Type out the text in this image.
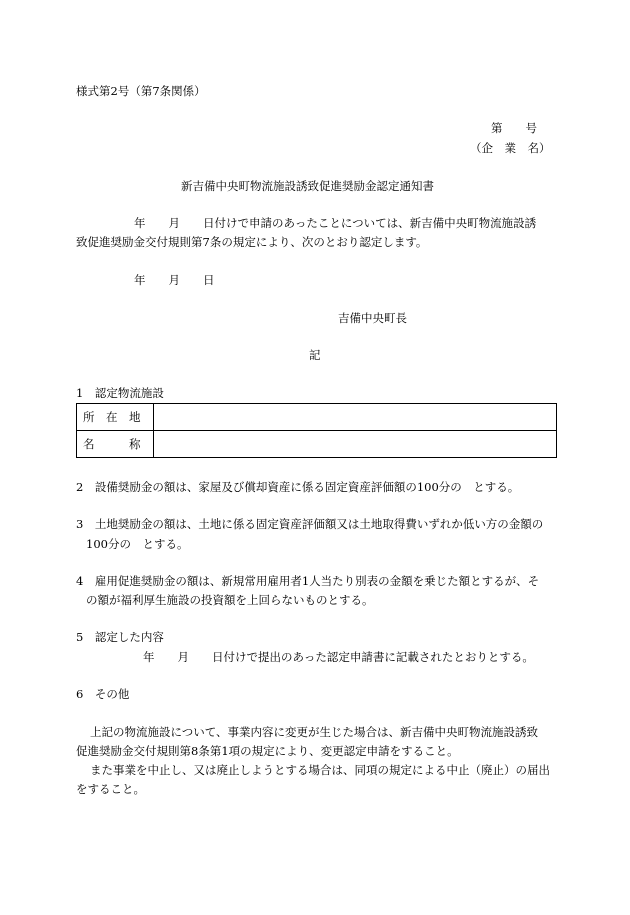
様式第2号（第7条関係）
第　　号
（企　業　名）
新吉備中央町物流施設誘致促進奨励金認定通知書
年　　月　　日付けで申請のあったことについては、新吉備中央町物流施設誘
致促進奨励金交付規則第7条の規定により、次のとおり認定します。
年　　月　　日
吉備中央町長
記
1　認定物流施設
所　在　地	
名　　　称	
2　設備奨励金の額は、家屋及び償却資産に係る固定資産評価額の100分の　とする。
3　土地奨励金の額は、土地に係る固定資産評価額又は土地取得費いずれか低い方の金額の
100分の　とする。
4　雇用促進奨励金の額は、新規常用雇用者1人当たり別表の金額を乗じた額とするが、そ
の額が福利厚生施設の投資額を上回らないものとする。
5　認定した内容
年　　月　　日付けで提出のあった認定申請書に記載されたとおりとする。
6　その他
上記の物流施設について、事業内容に変更が生じた場合は、新吉備中央町物流施設誘致
促進奨励金交付規則第8条第1項の規定により、変更認定申請をすること。
また事業を中止し、又は廃止しようとする場合は、同項の規定による中止（廃止）の届出
をすること。
